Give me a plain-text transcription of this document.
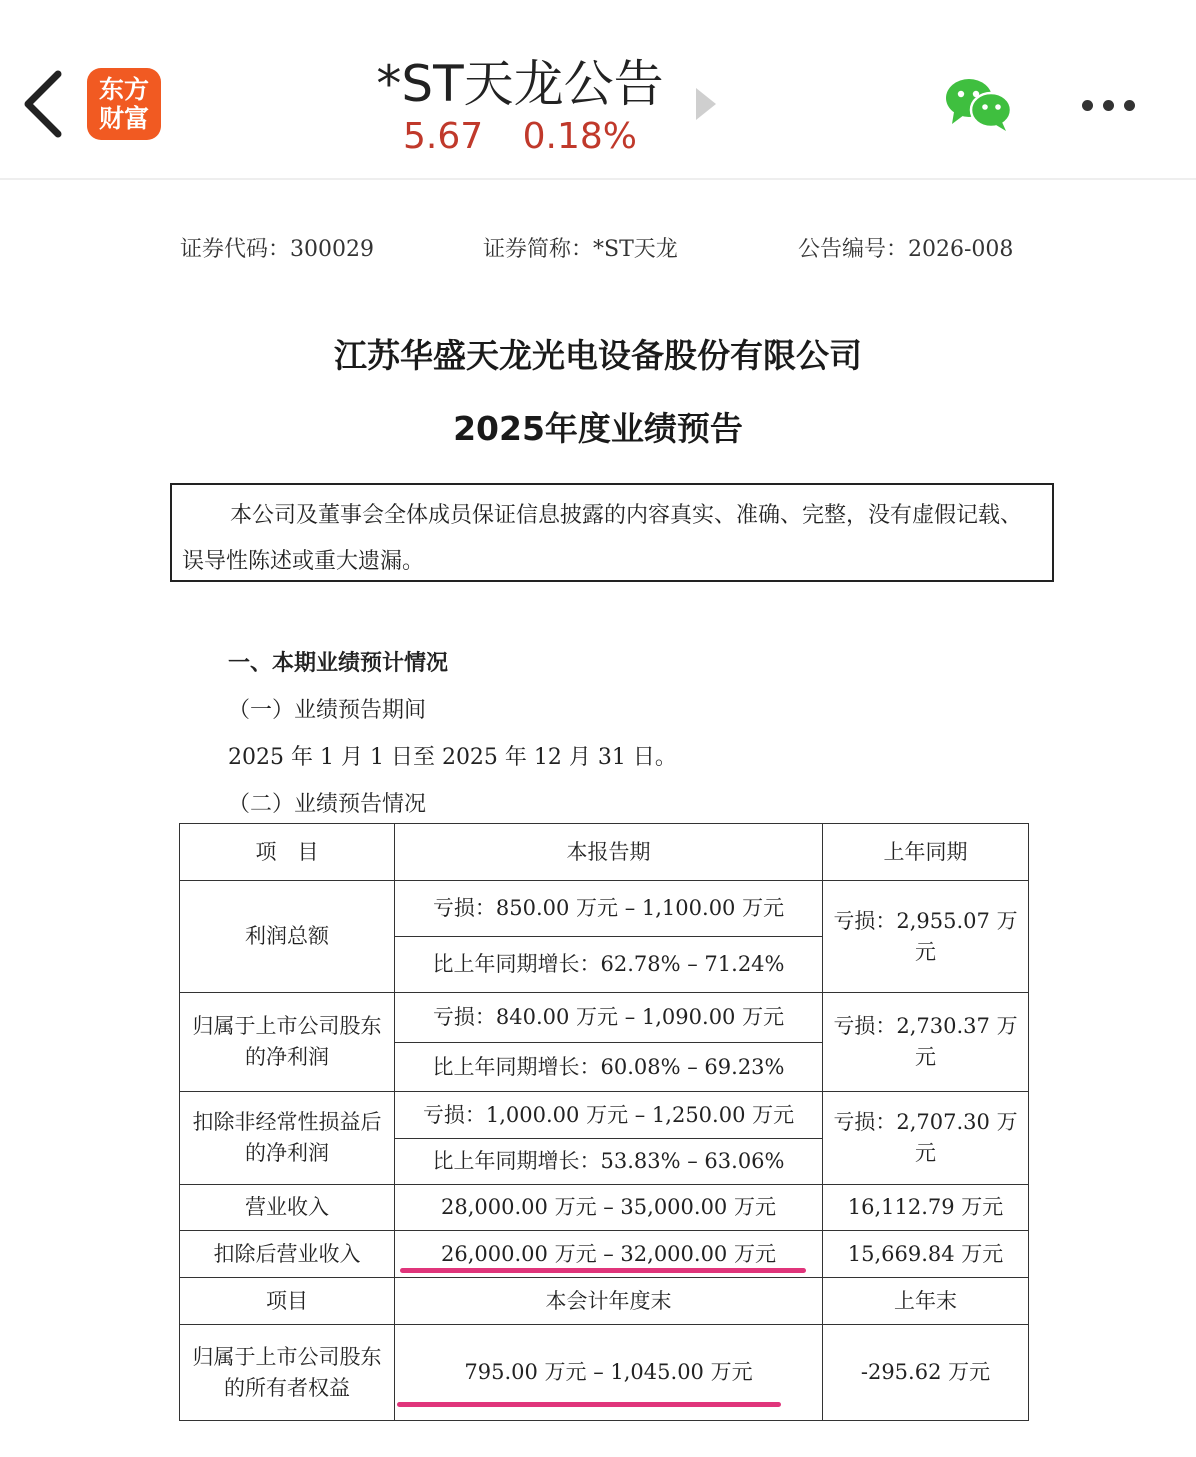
东方
财富
*ST天龙公告
5.67 0.18%
证券代码：300029	证券简称：*ST天龙	公告编号：2026-008
江苏华盛天龙光电设备股份有限公司
2025年度业绩预告
本公司及董事会全体成员保证信息披露的内容真实、准确、完整，没有虚假记载、误导性陈述或重大遗漏。
一、本期业绩预计情况
（一）业绩预告期间
2025 年 1 月 1 日至 2025 年 12 月 31 日。
（二）业绩预告情况
项　目	本报告期	上年同期
利润总额	亏损：850.00 万元 – 1,100.00 万元	亏损：2,955.07 万元
	比上年同期增长：62.78% – 71.24%	
归属于上市公司股东的净利润	亏损：840.00 万元 – 1,090.00 万元	亏损：2,730.37 万元
	比上年同期增长：60.08% – 69.23%	
扣除非经常性损益后的净利润	亏损：1,000.00 万元 – 1,250.00 万元	亏损：2,707.30 万元
	比上年同期增长：53.83% – 63.06%	
营业收入	28,000.00 万元 – 35,000.00 万元	16,112.79 万元
扣除后营业收入	26,000.00 万元 – 32,000.00 万元	15,669.84 万元
项目	本会计年度末	上年末
归属于上市公司股东的所有者权益	795.00 万元 – 1,045.00 万元	-295.62 万元
